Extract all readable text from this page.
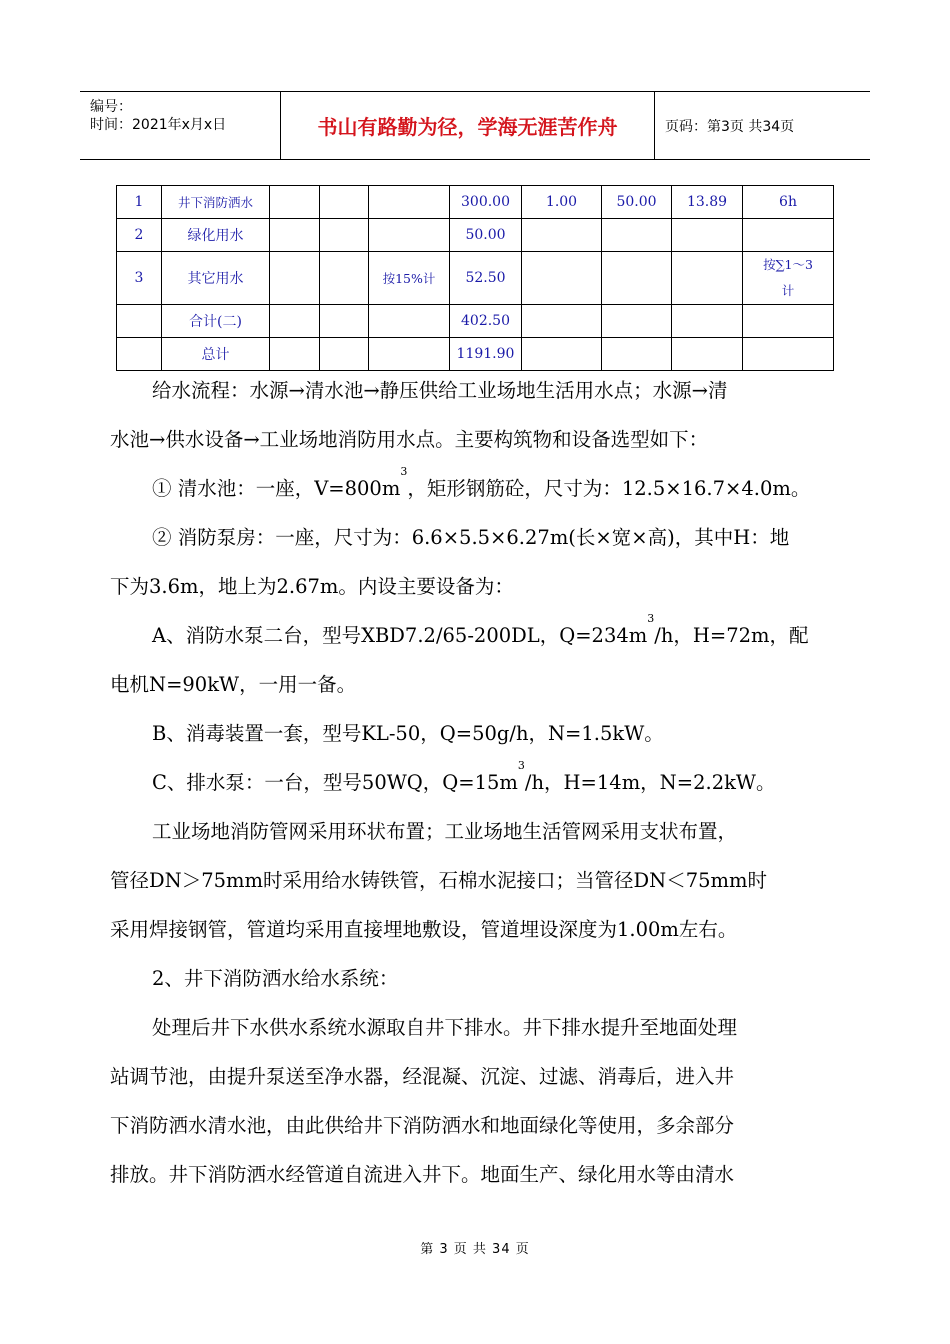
编号：
时间：2021年x月x日	书山有路勤为径，学海无涯苦作舟	页码：第3页 共34页
1	井下消防洒水				300.00	1.00	50.00	13.89	6h
2	绿化用水				50.00				
3	其它用水			按15%计	52.50				按∑1～3计
	合计(二)				402.50				
	总计				1191.90				
给水流程：水源→清水池→静压供给工业场地生活用水点；水源→清
水池→供水设备→工业场地消防用水点。主要构筑物和设备选型如下：
① 清水池：一座，$V=800m^3$，矩形钢筋砼，尺寸为：12.5×16.7×4.0m。
② 消防泵房：一座，尺寸为：6.6×5.5×6.27m(长×宽×高)，其中H：地
下为3.6m，地上为2.67m。内设主要设备为：
A、消防水泵二台，型号XBD7.2/65-200DL，$Q=234m^3/h$，H=72m，配
电机N=90kW，一用一备。
B、消毒装置一套，型号KL-50，Q=50g/h，N=1.5kW。
C、排水泵：一台，型号50WQ，$Q=15m^3/h$，H=14m，N=2.2kW。
工业场地消防管网采用环状布置；工业场地生活管网采用支状布置，
管径DN＞75mm时采用给水铸铁管，石棉水泥接口；当管径DN＜75mm时
采用焊接钢管，管道均采用直接埋地敷设，管道埋设深度为1.00m左右。
2、井下消防洒水给水系统：
处理后井下水供水系统水源取自井下排水。井下排水提升至地面处理
站调节池，由提升泵送至净水器，经混凝、沉淀、过滤、消毒后，进入井
下消防洒水清水池，由此供给井下消防洒水和地面绿化等使用，多余部分
排放。井下消防洒水经管道自流进入井下。地面生产、绿化用水等由清水
第 3 页 共 34 页
